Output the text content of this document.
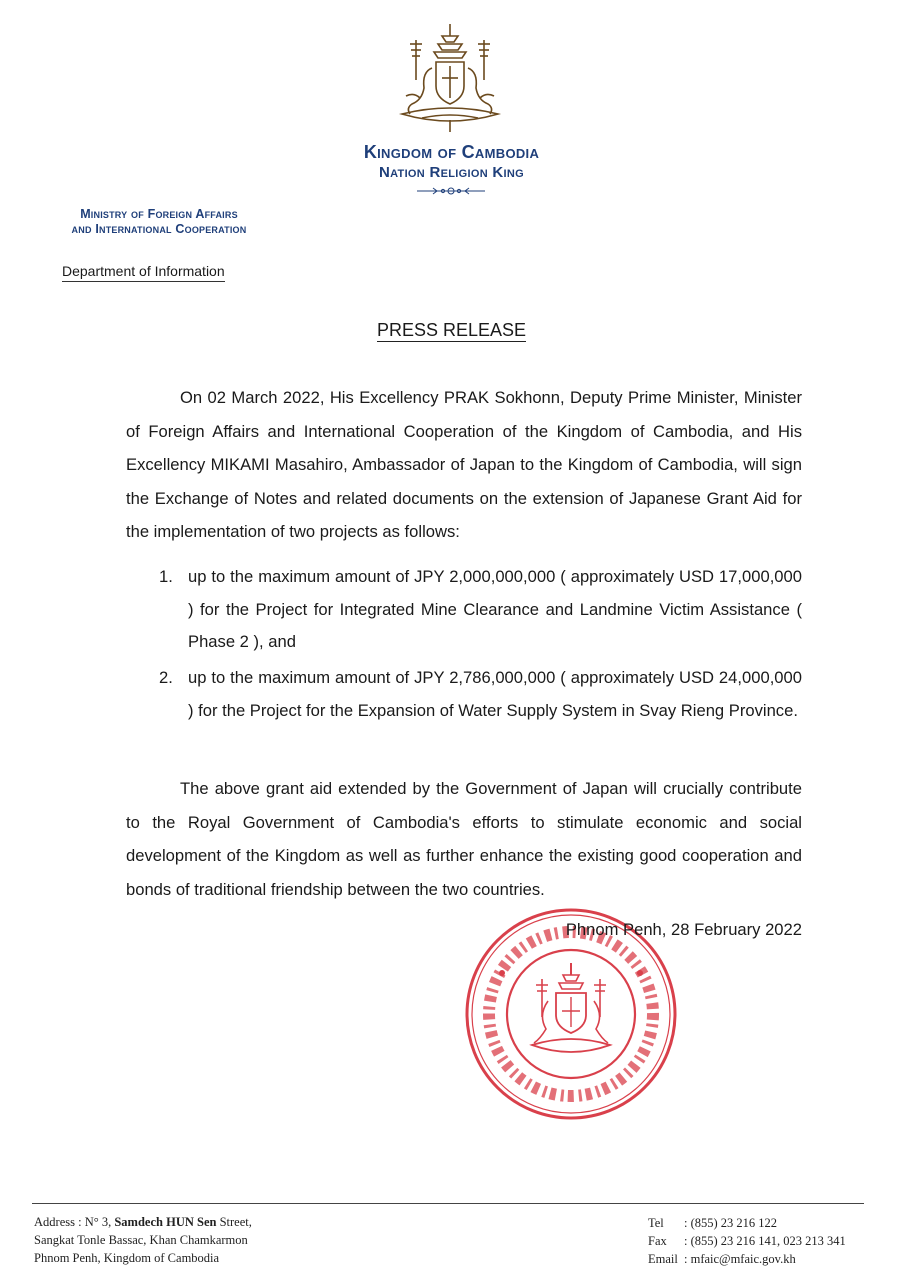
Kingdom of Cambodia
Nation Religion King
Ministry of Foreign Affairs
and International Cooperation
Department of Information
PRESS RELEASE
On 02 March 2022, His Excellency PRAK Sokhonn, Deputy Prime Minister, Minister of Foreign Affairs and International Cooperation of the Kingdom of Cambodia, and His Excellency MIKAMI Masahiro, Ambassador of Japan to the Kingdom of Cambodia, will sign the Exchange of Notes and related documents on the extension of Japanese Grant Aid for the implementation of two projects as follows:
1. up to the maximum amount of JPY 2,000,000,000 ( approximately USD 17,000,000 ) for the Project for Integrated Mine Clearance and Landmine Victim Assistance ( Phase 2 ), and
2. up to the maximum amount of JPY 2,786,000,000 ( approximately USD 24,000,000 ) for the Project for the Expansion of Water Supply System in Svay Rieng Province.
The above grant aid extended by the Government of Japan will crucially contribute to the Royal Government of Cambodia's efforts to stimulate economic and social development of the Kingdom as well as further enhance the existing good cooperation and bonds of traditional friendship between the two countries.
Phnom Penh, 28 February 2022
Address : N° 3, Samdech HUN Sen Street,
Sangkat Tonle Bassac, Khan Chamkarmon
Phnom Penh, Kingdom of Cambodia
Tel	: (855) 23 216 122
Fax	: (855) 23 216 141, 023 213 341
Email : mfaic@mfaic.gov.kh
